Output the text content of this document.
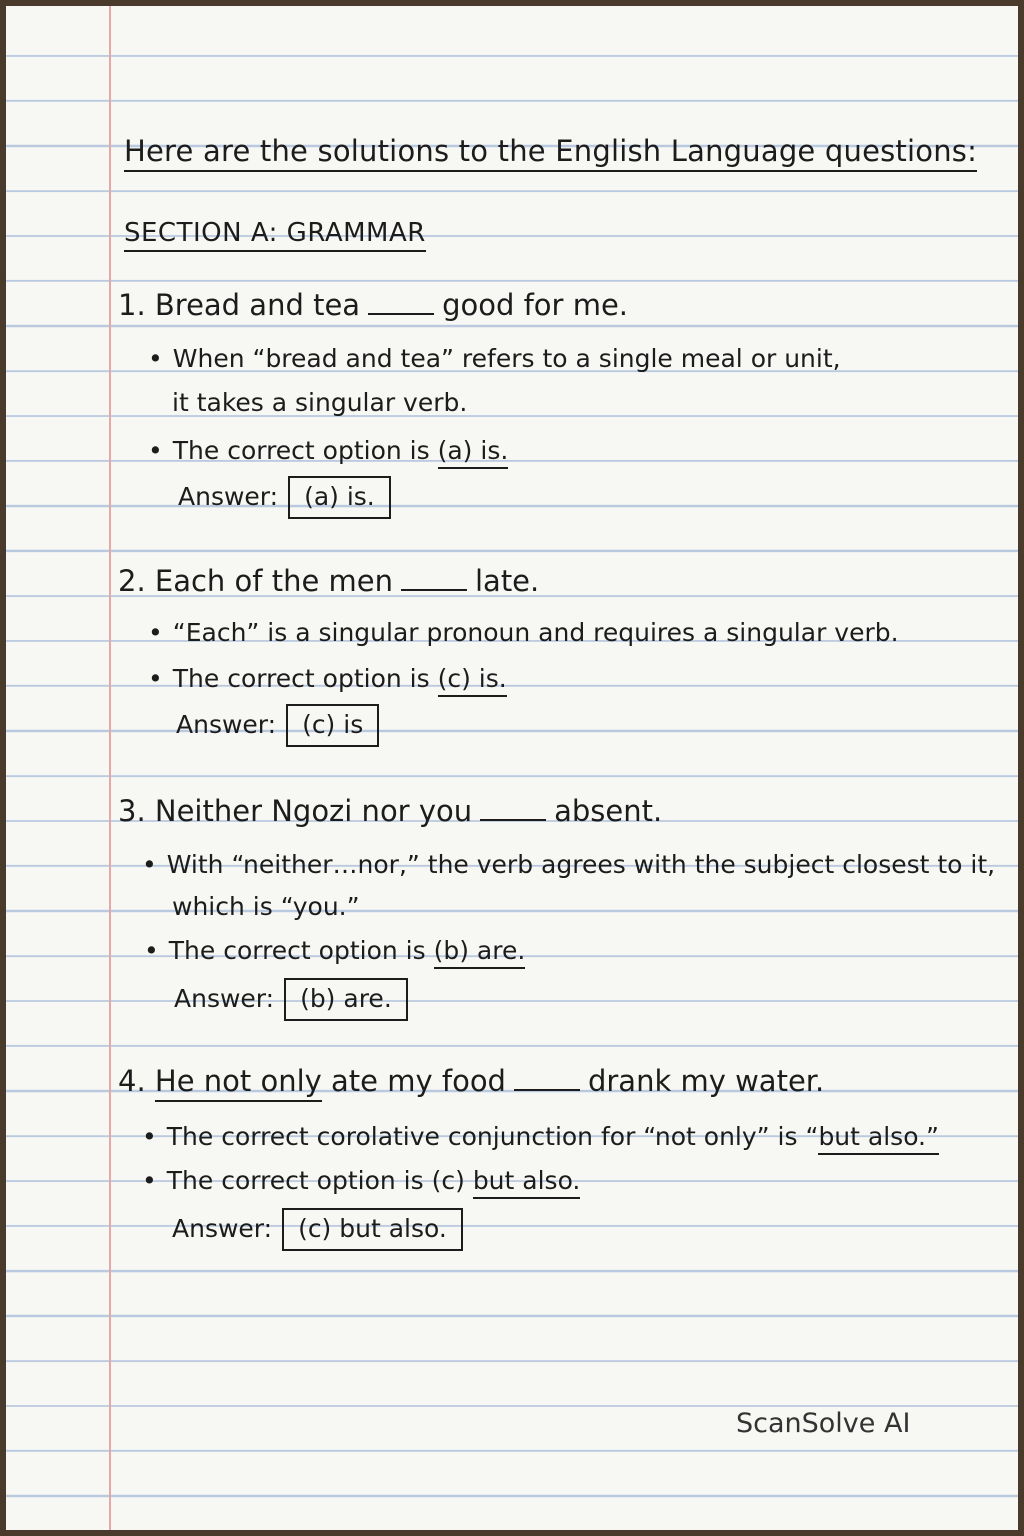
Here are the solutions to the English Language questions:
SECTION A: GRAMMAR
1. Bread and tea	good for me.
• When “bread and tea” refers to a single meal or unit,
it takes a singular verb.
• The correct option is (a) is.
Answer: (a) is.
2. Each of the men	late.
• “Each” is a singular pronoun and requires a singular verb.
• The correct option is (c) is.
Answer: (c) is
3. Neither Ngozi nor you	absent.
• With “neither…nor,” the verb agrees with the subject closest to it,
which is “you.”
• The correct option is (b) are.
Answer: (b) are.
4. He not only ate my food	drank my water.
• The correct corolative conjunction for “not only” is “but also.”
• The correct option is (c) but also.
Answer: (c) but also.
ScanSolve AI
